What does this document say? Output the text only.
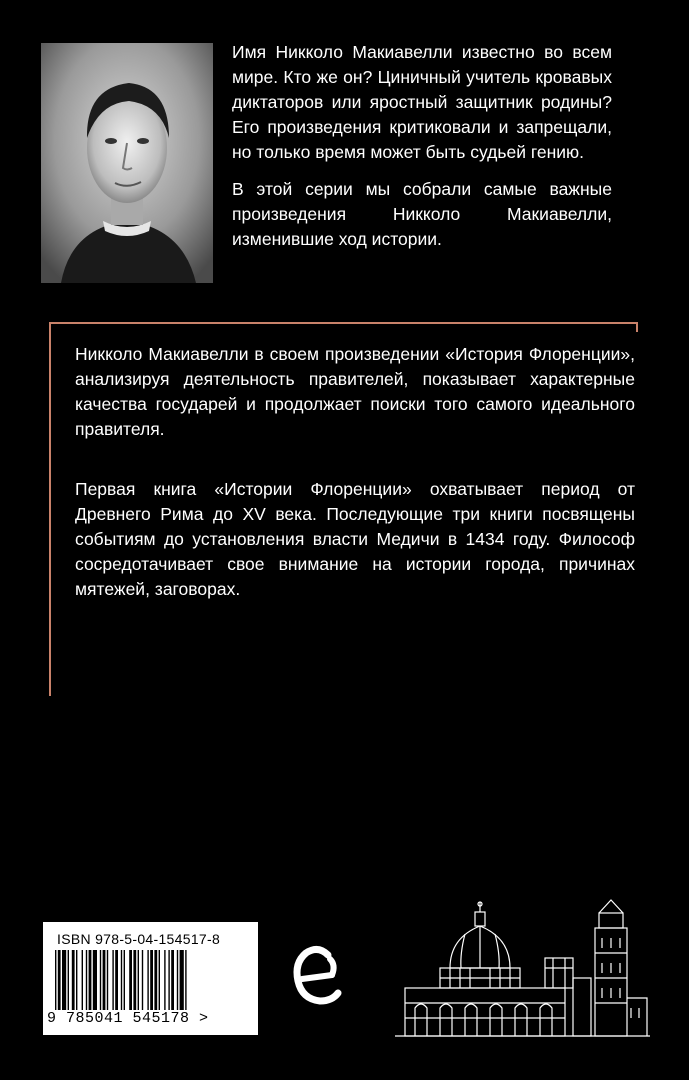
Имя Никколо Макиавелли известно во всем мире. Кто же он? Циничный учитель кровавых диктаторов или яростный защитник родины? Его произведения критиковали и запрещали, но только время может быть судьей гению.

В этой серии мы собрали самые важные произведения Никколо Макиавелли, изменившие ход истории.

Никколо Макиавелли в своем произведении «История Флоренции», анализируя деятельность правителей, показывает характерные качества государей и продолжает поиски того самого идеального правителя.

Первая книга «Истории Флоренции» охватывает период от Древнего Рима до XV века. Последующие три книги посвящены событиям до установления власти Медичи в 1434 году. Философ сосредотачивает свое внимание на истории города, причинах мятежей, заговорах.

ISBN 978-5-04-154517-8
9 785041 545178 >
